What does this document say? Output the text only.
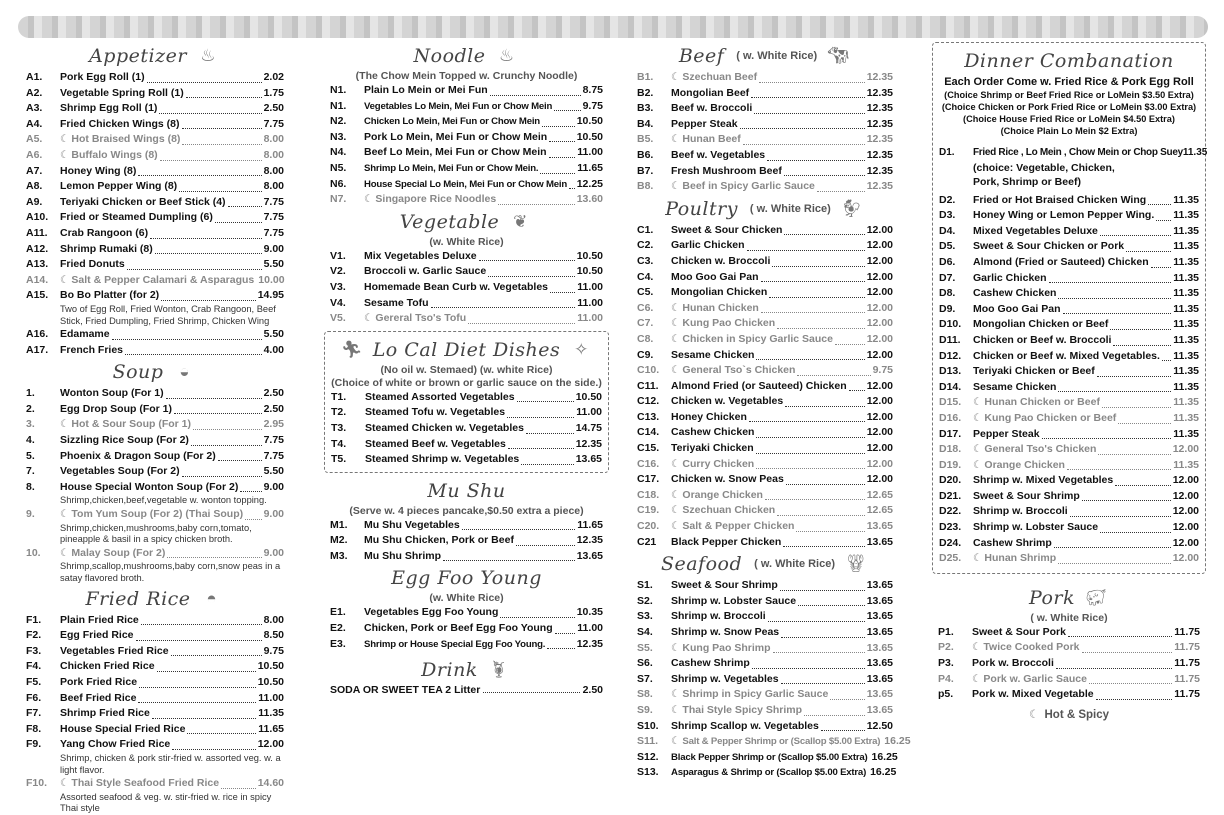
Appetizer ♨
A1.	Pork Egg Roll (1)	2.02
A2.	Vegetable Spring Roll (1)	1.75
A3.	Shrimp Egg Roll (1)	2.50
A4.	Fried Chicken Wings (8)	7.75
A5.	☾ Hot Braised Wings (8)	8.00
A6.	☾ Buffalo Wings (8)	8.00
A7.	Honey Wing (8)	8.00
A8.	Lemon Pepper Wing (8)	8.00
A9.	Teriyaki Chicken or Beef Stick (4)	7.75
A10.	Fried or Steamed Dumpling (6)	7.75
A11.	Crab Rangoon (6)	7.75
A12.	Shrimp Rumaki (8)	9.00
A13.	Fried Donuts	5.50
A14.	☾ Salt & Pepper Calamari & Asparagus 10.00
A15.	Bo Bo Platter (for 2)	14.95
Two of Egg Roll, Fried Wonton, Crab Rangoon, Beef Stick, Fried Dumpling, Fried Shrimp, Chicken Wing
A16.	Edamame	5.50
A17.	French Fries	4.00
Soup ◒
1.	Wonton Soup (For 1)	2.50
2.	Egg Drop Soup (For 1)	2.50
3.	☾ Hot & Sour Soup (For 1)	2.95
4.	Sizzling Rice Soup (For 2)	7.75
5.	Phoenix & Dragon Soup (For 2)	7.75
7.	Vegetables Soup (For 2)	5.50
8.	House Special Wonton Soup (For 2) 9.00
Shrimp,chicken,beef,vegetable w. wonton topping.
9.	☾ Tom Yum Soup (For 2) (Thai Soup) 9.00
Shrimp,chicken,mushrooms,baby corn,tomato, pineapple & basil in a spicy chicken broth.
10.	☾ Malay Soup (For 2)	9.00
Shrimp,scallop,mushrooms,baby corn,snow peas in a satay flavored broth.
Fried Rice ◓
F1.	Plain Fried Rice	8.00
F2.	Egg Fried Rice	8.50
F3.	Vegetables Fried Rice	9.75
F4.	Chicken Fried Rice	10.50
F5.	Pork Fried Rice	10.50
F6.	Beef Fried Rice	11.00
F7.	Shrimp Fried Rice	11.35
F8.	House Special Fried Rice	11.65
F9.	Yang Chow Fried Rice	12.00
Shrimp, chicken & pork stir-fried w. assorted veg. w. a light flavor.
F10.	☾ Thai Style Seafood Fried Rice	14.60
Assorted seafood & veg. w. stir-fried w. rice in spicy Thai style
Noodle ♨
(The Chow Mein Topped w. Crunchy Noodle)
N1.	Plain Lo Mein or Mei Fun	8.75
N1.	Vegetables Lo Mein, Mei Fun or Chow Mein	9.75
N2.	Chicken Lo Mein, Mei Fun or Chow Mein	10.50
N3.	Pork Lo Mein, Mei Fun or Chow Mein	10.50
N4.	Beef Lo Mein, Mei Fun or Chow Mein	11.00
N5.	Shrimp Lo Mein, Mei Fun or Chow Mein.	11.65
N6.	House Special Lo Mein, Mei Fun or Chow Mein 12.25
N7.	☾ Singapore Rice Noodles	13.60
Vegetable ❦
(w. White Rice)
V1.	Mix Vegetables Deluxe	10.50
V2.	Broccoli w. Garlic Sauce	10.50
V3.	Homemade Bean Curb w. Vegetables	11.00
V4.	Sesame Tofu	11.00
V5.	☾ Gereral Tso's Tofu	11.00
🏃︎ Lo Cal Diet Dishes ✧
(No oil w. Stemaed) (w. white Rice)
(Choice of white or brown or garlic sauce on the side.)
T1.	Steamed Assorted Vegetables	10.50
T2.	Steamed Tofu w. Vegetables	11.00
T3.	Steamed Chicken w. Vegetables	14.75
T4.	Steamed Beef w. Vegetables	12.35
T5.	Steamed Shrimp w. Vegetables	13.65
Mu Shu
(Serve w. 4 pieces pancake,$0.50 extra a piece)
M1.	Mu Shu Vegetables	11.65
M2.	Mu Shu Chicken, Pork or Beef	12.35
M3.	Mu Shu Shrimp	13.65
Egg Foo Young
(w. White Rice)
E1.	Vegetables Egg Foo Young	10.35
E2.	Chicken, Pork or Beef Egg Foo Young 11.00
E3.	Shrimp or House Special Egg Foo Young.	12.35
Drink 🍹︎
SODA OR SWEET TEA 2 Litter	2.50
Beef ( w. White Rice) 🐄︎
B1.	☾ Szechuan Beef	12.35
B2.	Mongolian Beef	12.35
B3.	Beef w. Broccoli	12.35
B4.	Pepper Steak	12.35
B5.	☾ Hunan Beef	12.35
B6.	Beef w. Vegetables	12.35
B7.	Fresh Mushroom Beef	12.35
B8.	☾ Beef in Spicy Garlic Sauce	12.35
Poultry ( w. White Rice) 🐓︎
C1.	Sweet & Sour Chicken	12.00
C2.	Garlic Chicken	12.00
C3.	Chicken w. Broccoli	12.00
C4.	Moo Goo Gai Pan	12.00
C5.	Mongolian Chicken	12.00
C6.	☾ Hunan Chicken	12.00
C7.	☾ Kung Pao Chicken	12.00
C8.	☾ Chicken in Spicy Garlic Sauce	12.00
C9.	Sesame Chicken	12.00
C10.	☾ General Tso`s Chicken	9.75
C11.	Almond Fried (or Sauteed) Chicken 12.00
C12.	Chicken w. Vegetables	12.00
C13.	Honey Chicken	12.00
C14.	Cashew Chicken	12.00
C15.	Teriyaki Chicken	12.00
C16.	☾ Curry Chicken	12.00
C17.	Chicken w. Snow Peas	12.00
C18.	☾ Orange Chicken	12.65
C19.	☾ Szechuan Chicken	12.65
C20.	☾ Salt & Pepper Chicken	13.65
C21	Black Pepper Chicken	13.65
Seafood ( w. White Rice) 🦞︎
S1.	Sweet & Sour Shrimp	13.65
S2.	Shrimp w. Lobster Sauce	13.65
S3.	Shrimp w. Broccoli	13.65
S4.	Shrimp w. Snow Peas	13.65
S5.	☾ Kung Pao Shrimp	13.65
S6.	Cashew Shrimp	13.65
S7.	Shrimp w. Vegetables	13.65
S8.	☾ Shrimp in Spicy Garlic Sauce	13.65
S9.	☾ Thai Style Spicy Shrimp	13.65
S10.	Shrimp Scallop w. Vegetables	12.50
S11.	☾ Salt & Pepper Shrimp or (Scallop $5.00 Extra) 16.25
S12.	Black Pepper Shrimp or (Scallop $5.00 Extra) 16.25
S13.	Asparagus & Shrimp or (Scallop $5.00 Extra) 16.25
Dinner Combanation
Each Order Come w. Fried Rice & Pork Egg Roll
(Choice Shrimp or Beef Fried Rice or LoMein $3.50 Extra)
(Choice Chicken or Pork Fried Rice or LoMein $3.00 Extra)
(Choice House Fried Rice or LoMein $4.50 Extra)
(Choice Plain Lo Mein $2 Extra)
D1.	Fried Rice , Lo Mein , Chow Mein or Chop Suey 11.35
(choice: Vegetable, Chicken, Pork, Shrimp or Beef)
D2.	Fried or Hot Braised Chicken Wing	11.35
D3.	Honey Wing or Lemon Pepper Wing. 11.35
D4.	Mixed Vegetables Deluxe	11.35
D5.	Sweet & Sour Chicken or Pork	11.35
D6.	Almond (Fried or Sauteed) Chicken 11.35
D7.	Garlic Chicken	11.35
D8.	Cashew Chicken	11.35
D9.	Moo Goo Gai Pan	11.35
D10.	Mongolian Chicken or Beef	11.35
D11.	Chicken or Beef w. Broccoli	11.35
D12.	Chicken or Beef w. Mixed Vegetables. 11.35
D13.	Teriyaki Chicken or Beef	11.35
D14.	Sesame Chicken	11.35
D15.	☾ Hunan Chicken or Beef	11.35
D16.	☾ Kung Pao Chicken or Beef	11.35
D17.	Pepper Steak	11.35
D18.	☾ General Tso's Chicken	12.00
D19.	☾ Orange Chicken	11.35
D20.	Shrimp w. Mixed Vegetables	12.00
D21.	Sweet & Sour Shrimp	12.00
D22.	Shrimp w. Broccoli	12.00
D23.	Shrimp w. Lobster Sauce	12.00
D24.	Cashew Shrimp	12.00
D25.	☾ Hunan Shrimp	12.00
Pork 🐖︎
( w. White Rice)
P1.	Sweet & Sour Pork	11.75
P2.	☾ Twice Cooked Pork	11.75
P3.	Pork w. Broccoli	11.75
P4.	☾ Pork w. Garlic Sauce	11.75
p5.	Pork w. Mixed Vegetable	11.75
☾ Hot & Spicy
